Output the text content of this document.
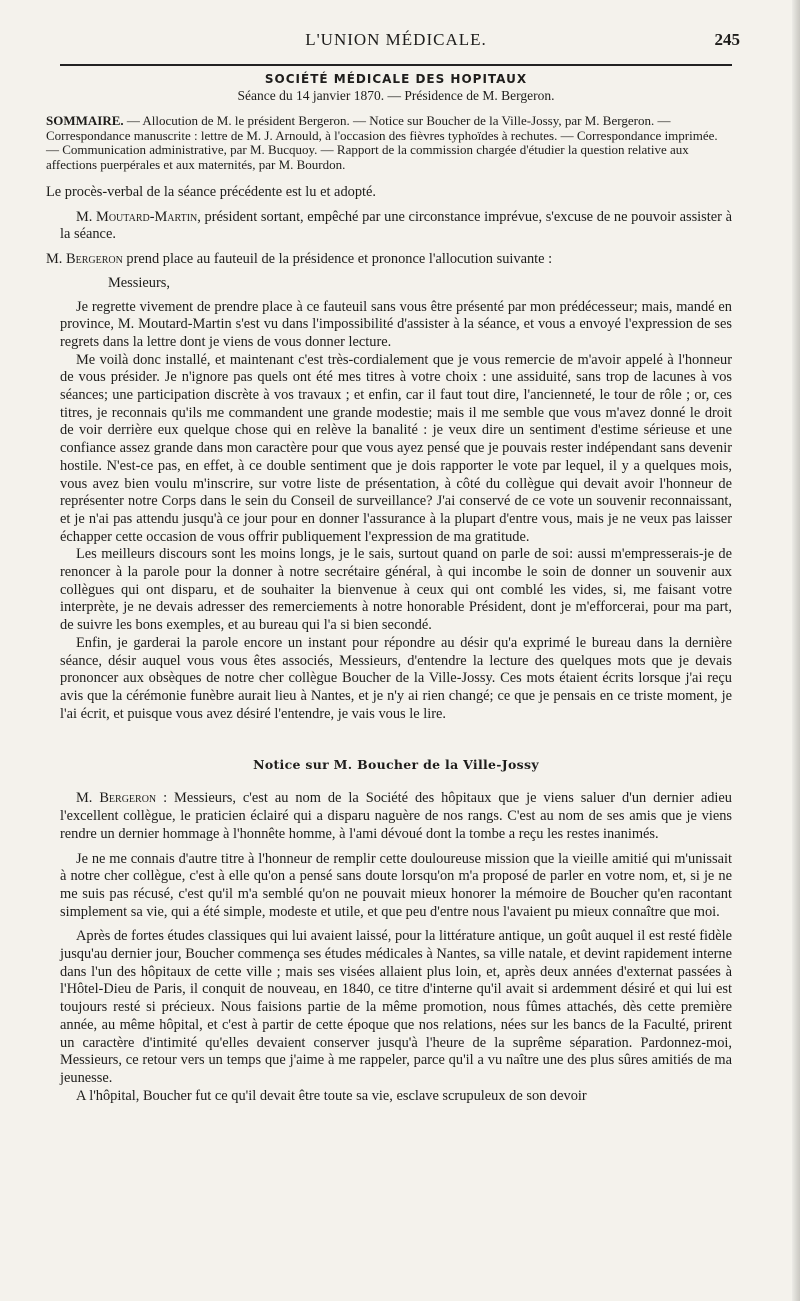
L'UNION MÉDICALE.	245
SOCIÉTÉ MÉDICALE DES HOPITAUX
Séance du 14 janvier 1870. — Présidence de M. Bergeron.
SOMMAIRE. — Allocution de M. le président Bergeron. — Notice sur Boucher de la Ville-Jossy, par M. Bergeron. — Correspondance manuscrite : lettre de M. J. Arnould, à l'occasion des fièvres typhoïdes à rechutes. — Correspondance imprimée. — Communication administrative, par M. Bucquoy. — Rapport de la commission chargée d'étudier la question relative aux affections puerpérales et aux maternités, par M. Bourdon.

Le procès-verbal de la séance précédente est lu et adopté.

M. Moutard-Martin, président sortant, empêché par une circonstance imprévue, s'excuse de ne pouvoir assister à la séance.

M. Bergeron prend place au fauteuil de la présidence et prononce l'allocution suivante :

Messieurs,

Je regrette vivement de prendre place à ce fauteuil sans vous être présenté par mon prédécesseur; mais, mandé en province, M. Moutard-Martin s'est vu dans l'impossibilité d'assister à la séance, et vous a envoyé l'expression de ses regrets dans la lettre dont je viens de vous donner lecture.

Me voilà donc installé, et maintenant c'est très-cordialement que je vous remercie de m'avoir appelé à l'honneur de vous présider. Je n'ignore pas quels ont été mes titres à votre choix : une assiduité, sans trop de lacunes à vos séances; une participation discrète à vos travaux ; et enfin, car il faut tout dire, l'ancienneté, le tour de rôle ; or, ces titres, je reconnais qu'ils me commandent une grande modestie; mais il me semble que vous m'avez donné le droit de voir derrière eux quelque chose qui en relève la banalité : je veux dire un sentiment d'estime sérieuse et une confiance assez grande dans mon caractère pour que vous ayez pensé que je pouvais rester indépendant sans devenir hostile. N'est-ce pas, en effet, à ce double sentiment que je dois rapporter le vote par lequel, il y a quelques mois, vous avez bien voulu m'inscrire, sur votre liste de présentation, à côté du collègue qui devait avoir l'honneur de représenter notre Corps dans le sein du Conseil de surveillance? J'ai conservé de ce vote un souvenir reconnaissant, et je n'ai pas attendu jusqu'à ce jour pour en donner l'assurance à la plupart d'entre vous, mais je ne veux pas laisser échapper cette occasion de vous offrir publiquement l'expression de ma gratitude.

Les meilleurs discours sont les moins longs, je le sais, surtout quand on parle de soi: aussi m'empresserais-je de renoncer à la parole pour la donner à notre secrétaire général, à qui incombe le soin de donner un souvenir aux collègues qui ont disparu, et de souhaiter la bienvenue à ceux qui ont comblé les vides, si, me faisant votre interprète, je ne devais adresser des remerciements à notre honorable Président, dont je m'efforcerai, pour ma part, de suivre les bons exemples, et au bureau qui l'a si bien secondé.

Enfin, je garderai la parole encore un instant pour répondre au désir qu'a exprimé le bureau dans la dernière séance, désir auquel vous vous êtes associés, Messieurs, d'entendre la lecture des quelques mots que je devais prononcer aux obsèques de notre cher collègue Boucher de la Ville-Jossy. Ces mots étaient écrits lorsque j'ai reçu avis que la cérémonie funèbre aurait lieu à Nantes, et je n'y ai rien changé; ce que je pensais en ce triste moment, je l'ai écrit, et puisque vous avez désiré l'entendre, je vais vous le lire.

Notice sur M. Boucher de la Ville-Jossy

M. Bergeron : Messieurs, c'est au nom de la Société des hôpitaux que je viens saluer d'un dernier adieu l'excellent collègue, le praticien éclairé qui a disparu naguère de nos rangs. C'est au nom de ses amis que je viens rendre un dernier hommage à l'honnête homme, à l'ami dévoué dont la tombe a reçu les restes inanimés.

Je ne me connais d'autre titre à l'honneur de remplir cette douloureuse mission que la vieille amitié qui m'unissait à notre cher collègue, c'est à elle qu'on a pensé sans doute lorsqu'on m'a proposé de parler en votre nom, et, si je ne me suis pas récusé, c'est qu'il m'a semblé qu'on ne pouvait mieux honorer la mémoire de Boucher qu'en racontant simplement sa vie, qui a été simple, modeste et utile, et que peu d'entre nous l'avaient pu mieux connaître que moi.

Après de fortes études classiques qui lui avaient laissé, pour la littérature antique, un goût auquel il est resté fidèle jusqu'au dernier jour, Boucher commença ses études médicales à Nantes, sa ville natale, et devint rapidement interne dans l'un des hôpitaux de cette ville ; mais ses visées allaient plus loin, et, après deux années d'externat passées à l'Hôtel-Dieu de Paris, il conquit de nouveau, en 1840, ce titre d'interne qu'il avait si ardemment désiré et qui lui est toujours resté si précieux. Nous faisions partie de la même promotion, nous fûmes attachés, dès cette première année, au même hôpital, et c'est à partir de cette époque que nos relations, nées sur les bancs de la Faculté, prirent un caractère d'intimité qu'elles devaient conserver jusqu'à l'heure de la suprême séparation. Pardonnez-moi, Messieurs, ce retour vers un temps que j'aime à me rappeler, parce qu'il a vu naître une des plus sûres amitiés de ma jeunesse.

A l'hôpital, Boucher fut ce qu'il devait être toute sa vie, esclave scrupuleux de son devoir
